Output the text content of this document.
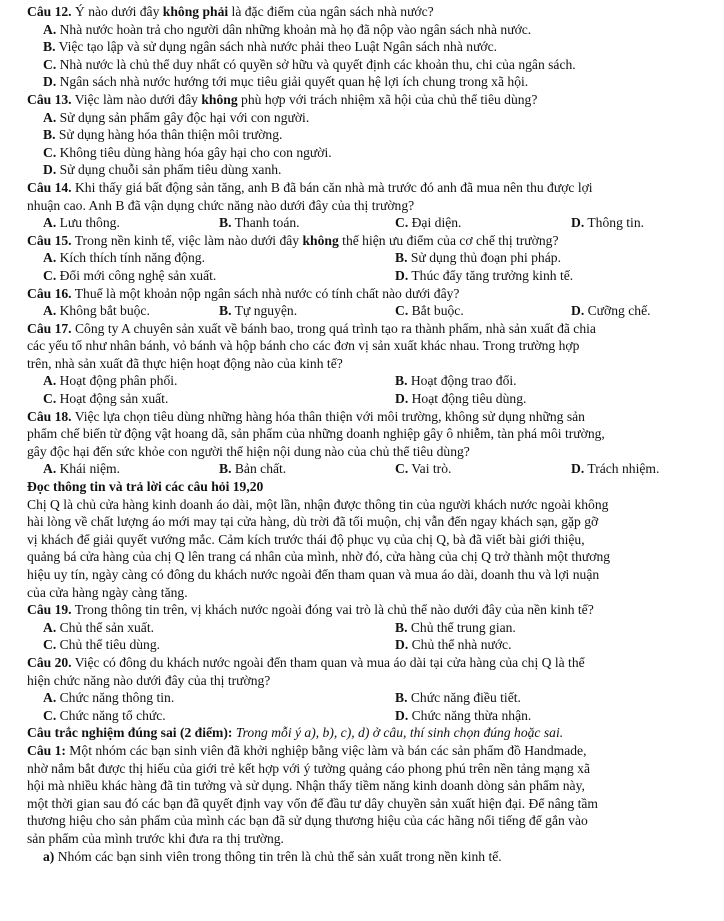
Câu 12. Ý nào dưới đây không phải là đặc điểm của ngân sách nhà nước?
A. Nhà nước hoàn trả cho người dân những khoản mà họ đã nộp vào ngân sách nhà nước.
B. Việc tạo lập và sử dụng ngân sách nhà nước phải theo Luật Ngân sách nhà nước.
C. Nhà nước là chủ thể duy nhất có quyền sở hữu và quyết định các khoản thu, chi của ngân sách.
D. Ngân sách nhà nước hướng tới mục tiêu giải quyết quan hệ lợi ích chung trong xã hội.
Câu 13. Việc làm nào dưới đây không phù hợp với trách nhiệm xã hội của chủ thể tiêu dùng?
A. Sử dụng sản phẩm gây độc hại với con người.
B. Sử dụng hàng hóa thân thiện môi trường.
C. Không tiêu dùng hàng hóa gây hại cho con người.
D. Sử dụng chuỗi sản phẩm tiêu dùng xanh.
Câu 14. Khi thấy giá bất động sản tăng, anh B đã bán căn nhà mà trước đó anh đã mua nên thu được lợi
nhuận cao. Anh B đã vận dụng chức năng nào dưới đây của thị trường?
A. Lưu thông.	B. Thanh toán.	C. Đại diện.	D. Thông tin.
Câu 15. Trong nền kinh tế, việc làm nào dưới đây không thể hiện ưu điểm của cơ chế thị trường?
A. Kích thích tính năng động.	B. Sử dụng thủ đoạn phi pháp.
C. Đổi mới công nghệ sản xuất.	D. Thúc đẩy tăng trưởng kinh tế.
Câu 16. Thuế là một khoản nộp ngân sách nhà nước có tính chất nào dưới đây?
A. Không bắt buộc.	B. Tự nguyện.	C. Bắt buộc.	D. Cưỡng chế.
Câu 17. Công ty A chuyên sản xuất về bánh bao, trong quá trình tạo ra thành phẩm, nhà sản xuất đã chia
các yếu tố như nhân bánh, vỏ bánh và hộp bánh cho các đơn vị sản xuất khác nhau. Trong trường hợp
trên, nhà sản xuất đã thực hiện hoạt động nào của kinh tế?
A. Hoạt động phân phối.	B. Hoạt động trao đổi.
C. Hoạt động sản xuất.	D. Hoạt động tiêu dùng.
Câu 18. Việc lựa chọn tiêu dùng những hàng hóa thân thiện với môi trường, không sử dụng những sản
phẩm chế biến từ động vật hoang dã, sản phẩm của những doanh nghiệp gây ô nhiễm, tàn phá môi trường,
gây độc hại đến sức khỏe con người thể hiện nội dung nào của chủ thể tiêu dùng?
A. Khái niệm.	B. Bản chất.	C. Vai trò.	D. Trách nhiệm.
Đọc thông tin và trả lời các câu hỏi 19,20
Chị Q là chủ cửa hàng kinh doanh áo dài, một lần, nhận được thông tin của người khách nước ngoài không
hài lòng về chất lượng áo mới may tại cửa hàng, dù trời đã tối muộn, chị vẫn đến ngay khách sạn, gặp gỡ
vị khách để giải quyết vướng mắc. Cảm kích trước thái độ phục vụ của chị Q, bà đã viết bài giới thiệu,
quảng bá cửa hàng của chị Q lên trang cá nhân của mình, nhờ đó, cửa hàng của chị Q trở thành một thương
hiệu uy tín, ngày càng có đông du khách nước ngoài đến tham quan và mua áo dài, doanh thu và lợi nuận
của cửa hàng ngày càng tăng.
Câu 19. Trong thông tin trên, vị khách nước ngoài đóng vai trò là chủ thể nào dưới đây của nền kinh tế?
A. Chủ thể sản xuất.	B. Chủ thể trung gian.
C. Chủ thể tiêu dùng.	D. Chủ thể nhà nước.
Câu 20. Việc có đông du khách nước ngoài đến tham quan và mua áo dài tại cửa hàng của chị Q là thể
hiện chức năng nào dưới đây của thị trường?
A. Chức năng thông tin.	B. Chức năng điều tiết.
C. Chức năng tổ chức.	D. Chức năng thừa nhận.
Câu trắc nghiệm đúng sai (2 điểm): Trong mỗi ý a), b), c), d) ở câu, thí sinh chọn đúng hoặc sai.
Câu 1: Một nhóm các bạn sinh viên đã khởi nghiệp bằng việc làm và bán các sản phẩm đồ Handmade,
nhờ nắm bắt được thị hiếu của giới trẻ kết hợp với ý tưởng quảng cáo phong phú trên nền tảng mạng xã
hội mà nhiều khác hàng đã tin tưởng và sử dụng. Nhận thấy tiềm năng kinh doanh dòng sản phẩm này,
một thời gian sau đó các bạn đã quyết định vay vốn để đầu tư dây chuyền sản xuất hiện đại. Để nâng tầm
thương hiệu cho sản phẩm của mình các bạn đã sử dụng thương hiệu của các hãng nổi tiếng để gắn vào
sản phẩm của mình trước khi đưa ra thị trường.
a) Nhóm các bạn sinh viên trong thông tin trên là chủ thể sản xuất trong nền kinh tế.
